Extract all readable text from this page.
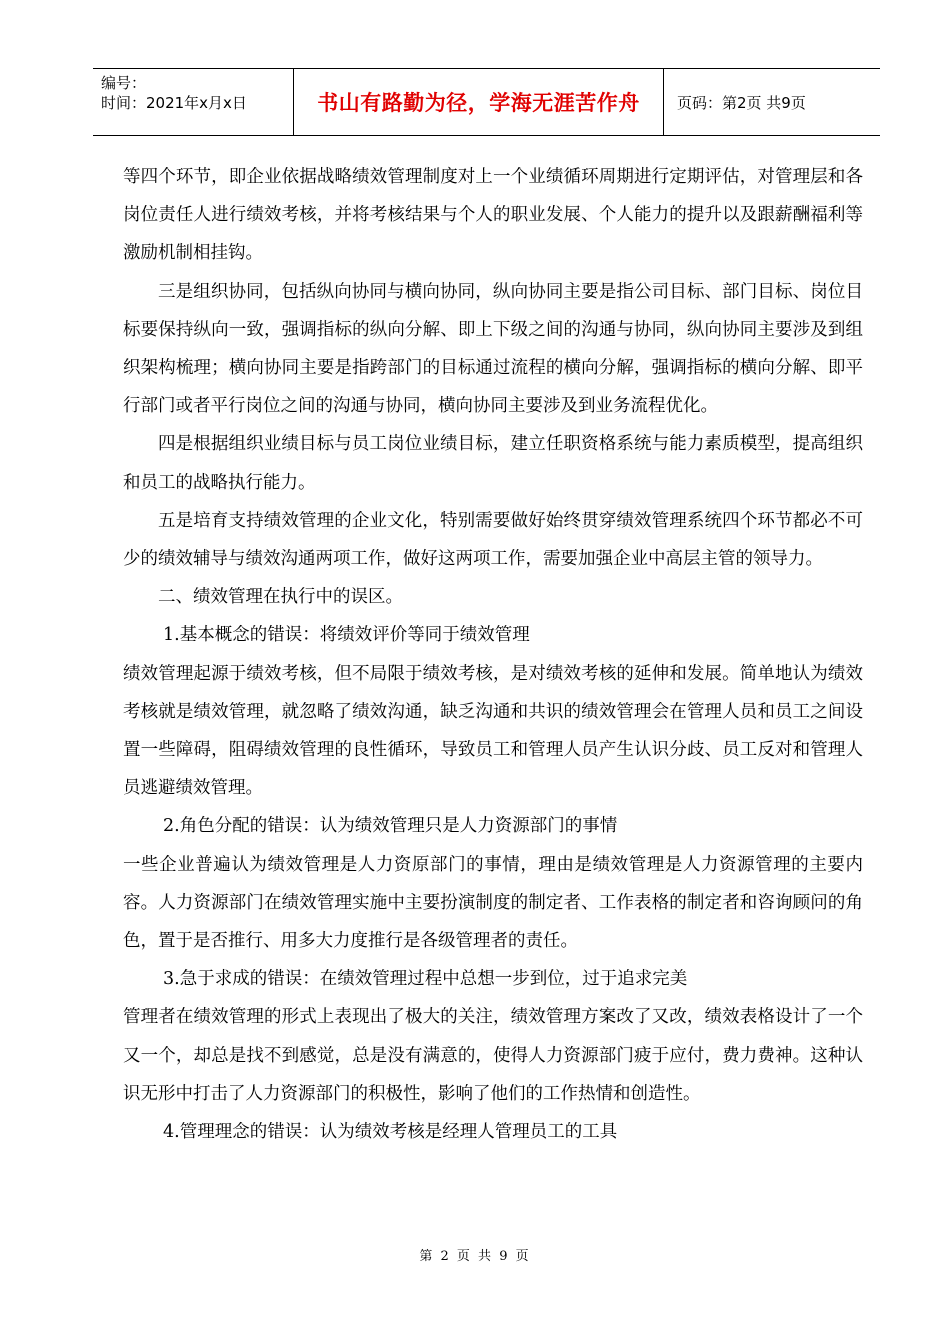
编号：
时间：2021年x月x日	书山有路勤为径，学海无涯苦作舟	页码：第2页 共9页

等四个环节，即企业依据战略绩效管理制度对上一个业绩循环周期进行定期评估，对管理层和各岗位责任人进行绩效考核，并将考核结果与个人的职业发展、个人能力的提升以及跟薪酬福利等激励机制相挂钩。

三是组织协同，包括纵向协同与横向协同，纵向协同主要是指公司目标、部门目标、岗位目标要保持纵向一致，强调指标的纵向分解、即上下级之间的沟通与协同，纵向协同主要涉及到组织架构梳理；横向协同主要是指跨部门的目标通过流程的横向分解，强调指标的横向分解、即平行部门或者平行岗位之间的沟通与协同，横向协同主要涉及到业务流程优化。

四是根据组织业绩目标与员工岗位业绩目标，建立任职资格系统与能力素质模型，提高组织和员工的战略执行能力。

五是培育支持绩效管理的企业文化，特别需要做好始终贯穿绩效管理系统四个环节都必不可少的绩效辅导与绩效沟通两项工作，做好这两项工作，需要加强企业中高层主管的领导力。

二、绩效管理在执行中的误区。

1.基本概念的错误：将绩效评价等同于绩效管理

绩效管理起源于绩效考核，但不局限于绩效考核，是对绩效考核的延伸和发展。简单地认为绩效考核就是绩效管理，就忽略了绩效沟通，缺乏沟通和共识的绩效管理会在管理人员和员工之间设置一些障碍，阻碍绩效管理的良性循环，导致员工和管理人员产生认识分歧、员工反对和管理人员逃避绩效管理。

2.角色分配的错误：认为绩效管理只是人力资源部门的事情

一些企业普遍认为绩效管理是人力资原部门的事情，理由是绩效管理是人力资源管理的主要内容。人力资源部门在绩效管理实施中主要扮演制度的制定者、工作表格的制定者和咨询顾问的角色，置于是否推行、用多大力度推行是各级管理者的责任。

3.急于求成的错误：在绩效管理过程中总想一步到位，过于追求完美

管理者在绩效管理的形式上表现出了极大的关注，绩效管理方案改了又改，绩效表格设计了一个又一个，却总是找不到感觉，总是没有满意的，使得人力资源部门疲于应付，费力费神。这种认识无形中打击了人力资源部门的积极性，影响了他们的工作热情和创造性。

4.管理理念的错误：认为绩效考核是经理人管理员工的工具

第 2 页 共 9 页
